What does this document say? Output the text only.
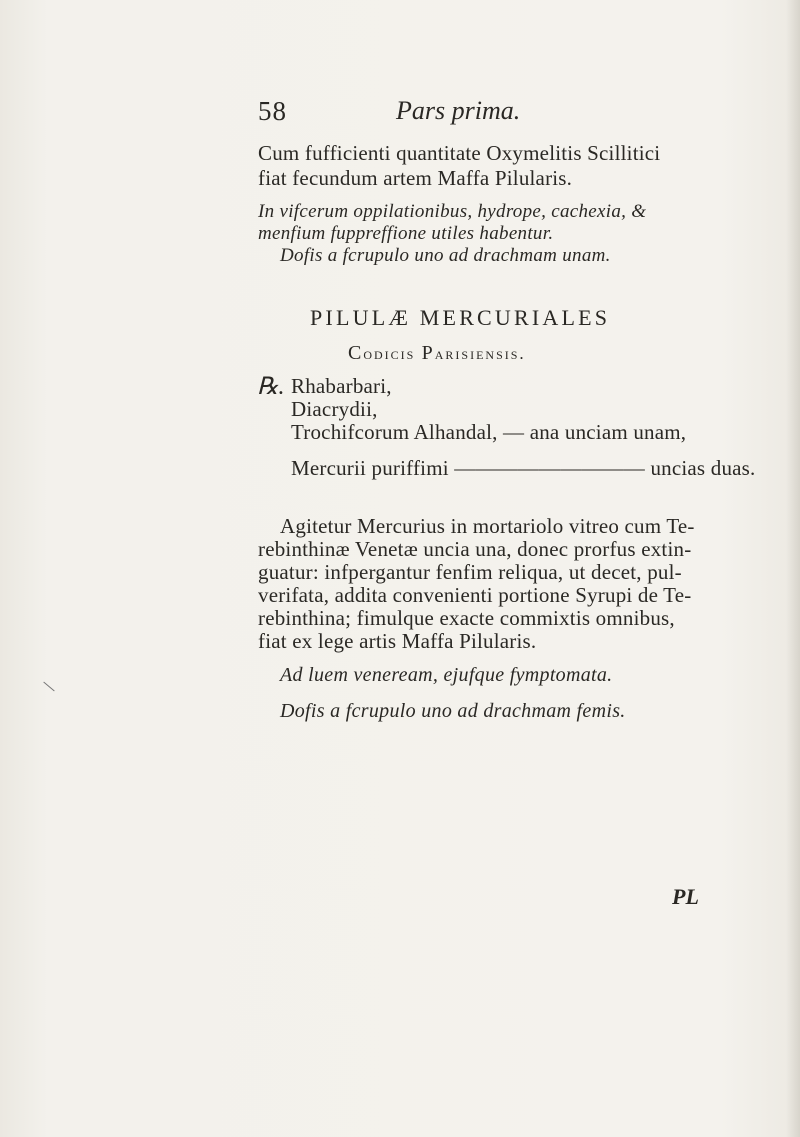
58	Pars prima.
Cum fufficienti quantitate Oxymelitis Scillitici
fiat fecundum artem Maffa Pilularis.
In vifcerum oppilationibus, hydrope, cachexia, &
menfium fuppreffione utiles habentur.
Dofis a fcrupulo uno ad drachmam unam.
PILULÆ MERCURIALES
Codicis Parisiensis.
℞. Rhabarbari,
Diacrydii,
Trochifcorum Alhandal, — ana unciam unam,
Mercurii puriffimi ————————— uncias duas.
Agitetur Mercurius in mortariolo vitreo cum Te-
rebinthinæ Venetæ uncia una, donec prorfus extin-
guatur: infpergantur fenfim reliqua, ut decet, pul-
verifata, addita convenienti portione Syrupi de Te-
rebinthina; fimulque exacte commixtis omnibus,
fiat ex lege artis Maffa Pilularis.
Ad luem veneream, ejufque fymptomata.
Dofis a fcrupulo uno ad drachmam femis.
PL
